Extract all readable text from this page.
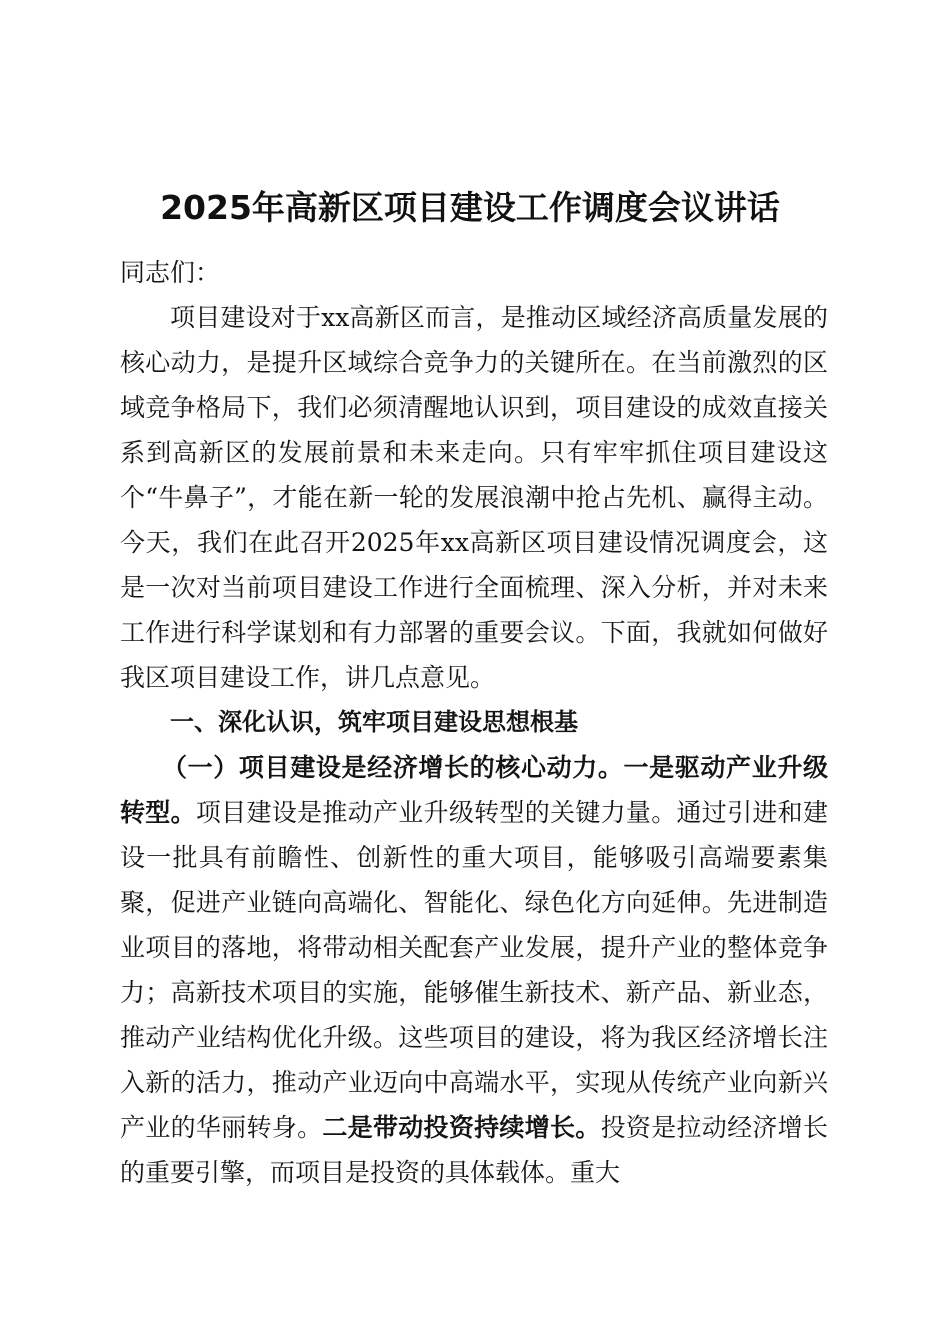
2025年高新区项目建设工作调度会议讲话

同志们：

项目建设对于xx高新区而言，是推动区域经济高质量发展的核心动力，是提升区域综合竞争力的关键所在。在当前激烈的区域竞争格局下，我们必须清醒地认识到，项目建设的成效直接关系到高新区的发展前景和未来走向。只有牢牢抓住项目建设这个“牛鼻子”，才能在新一轮的发展浪潮中抢占先机、赢得主动。今天，我们在此召开2025年xx高新区项目建设情况调度会，这是一次对当前项目建设工作进行全面梳理、深入分析，并对未来工作进行科学谋划和有力部署的重要会议。下面，我就如何做好我区项目建设工作，讲几点意见。

一、深化认识，筑牢项目建设思想根基

（一）项目建设是经济增长的核心动力。一是驱动产业升级转型。项目建设是推动产业升级转型的关键力量。通过引进和建设一批具有前瞻性、创新性的重大项目，能够吸引高端要素集聚，促进产业链向高端化、智能化、绿色化方向延伸。先进制造业项目的落地，将带动相关配套产业发展，提升产业的整体竞争力；高新技术项目的实施，能够催生新技术、新产品、新业态，推动产业结构优化升级。这些项目的建设，将为我区经济增长注入新的活力，推动产业迈向中高端水平，实现从传统产业向新兴产业的华丽转身。二是带动投资持续增长。投资是拉动经济增长的重要引擎，而项目是投资的具体载体。重大
